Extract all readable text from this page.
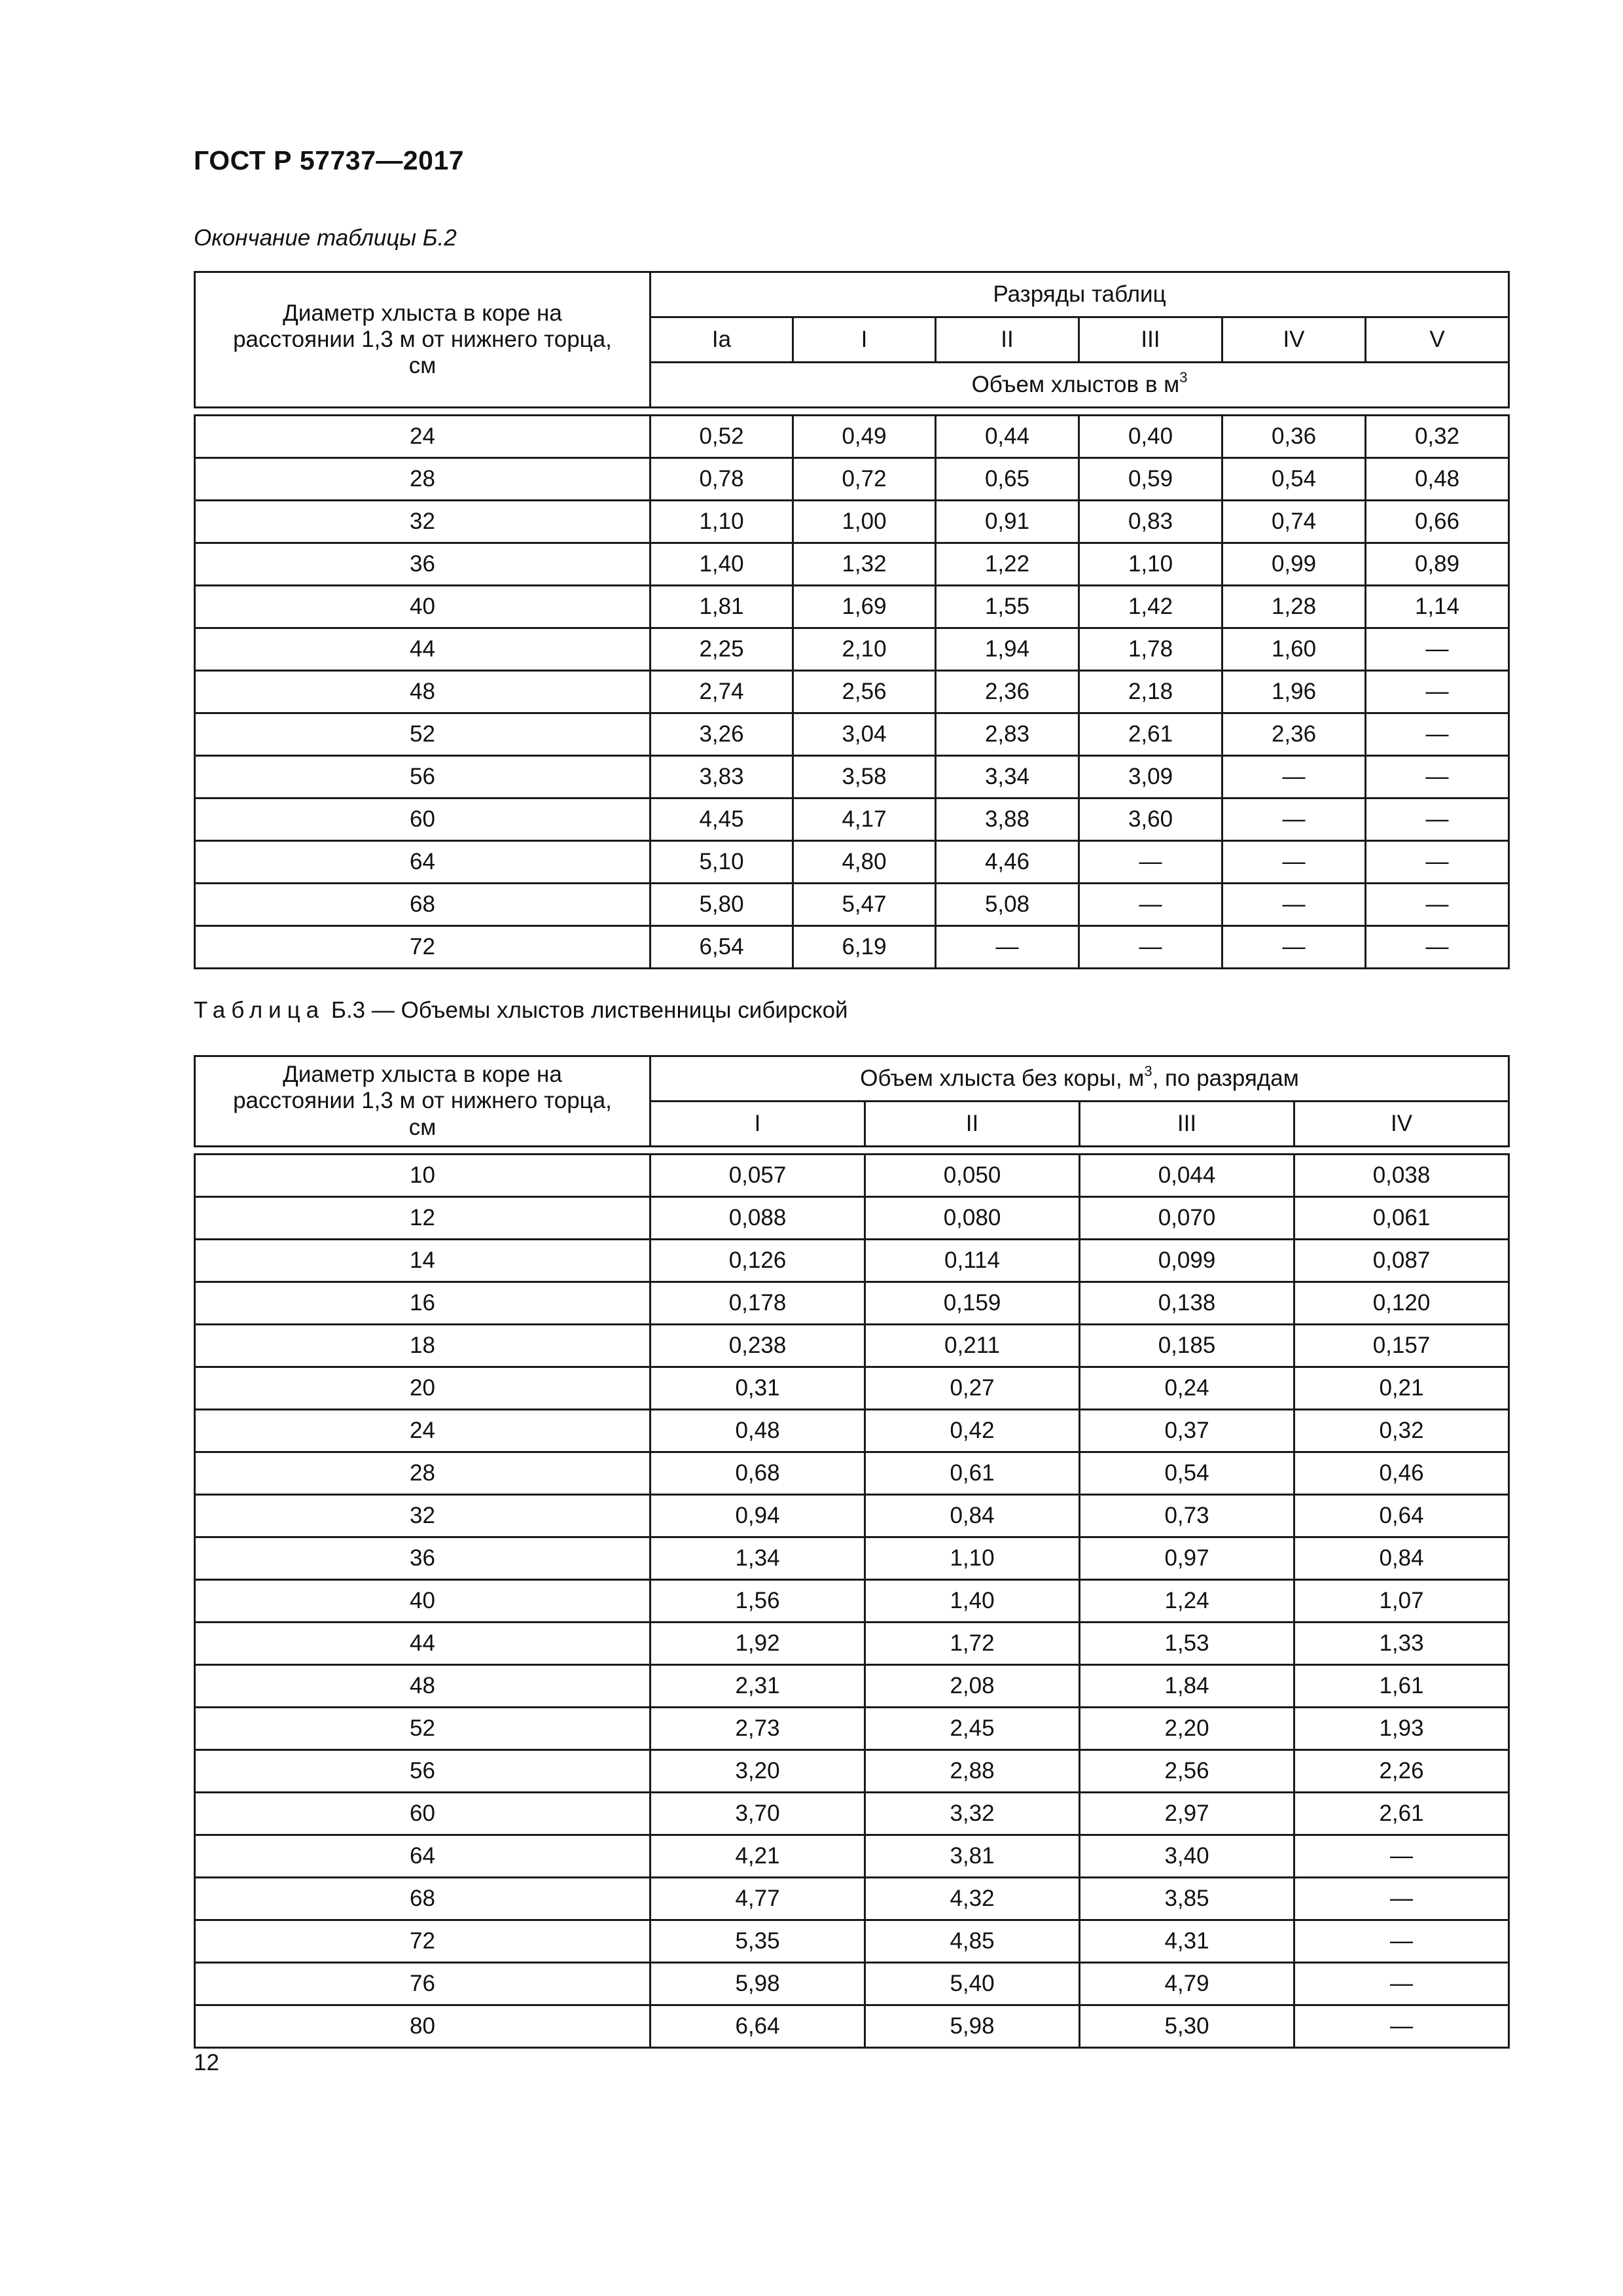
ГОСТ Р 57737—2017
Окончание таблицы Б.2
Диаметр хлыста в коре на расстоянии 1,3 м от нижнего торца, см	Разряды таблиц					
	Ia	I	II	III	IV	V
	Объем хлыстов в $м^3$

24	0,52	0,49	0,44	0,40	0,36	0,32
28	0,78	0,72	0,65	0,59	0,54	0,48
32	1,10	1,00	0,91	0,83	0,74	0,66
36	1,40	1,32	1,22	1,10	0,99	0,89
40	1,81	1,69	1,55	1,42	1,28	1,14
44	2,25	2,10	1,94	1,78	1,60	—
48	2,74	2,56	2,36	2,18	1,96	—
52	3,26	3,04	2,83	2,61	2,36	—
56	3,83	3,58	3,34	3,09	—	—
60	4,45	4,17	3,88	3,60	—	—
64	5,10	4,80	4,46	—	—	—
68	5,80	5,47	5,08	—	—	—
72	6,54	6,19	—	—	—	—
Таблица Б.3 — Объемы хлыстов лиственницы сибирской
Диаметр хлыста в коре на расстоянии 1,3 м от нижнего торца, см	Объем хлыста без коры, $м^3$, по разрядам			
	I	II	III	IV

10	0,057	0,050	0,044	0,038
12	0,088	0,080	0,070	0,061
14	0,126	0,114	0,099	0,087
16	0,178	0,159	0,138	0,120
18	0,238	0,211	0,185	0,157
20	0,31	0,27	0,24	0,21
24	0,48	0,42	0,37	0,32
28	0,68	0,61	0,54	0,46
32	0,94	0,84	0,73	0,64
36	1,34	1,10	0,97	0,84
40	1,56	1,40	1,24	1,07
44	1,92	1,72	1,53	1,33
48	2,31	2,08	1,84	1,61
52	2,73	2,45	2,20	1,93
56	3,20	2,88	2,56	2,26
60	3,70	3,32	2,97	2,61
64	4,21	3,81	3,40	—
68	4,77	4,32	3,85	—
72	5,35	4,85	4,31	—
76	5,98	5,40	4,79	—
80	6,64	5,98	5,30	—
12
